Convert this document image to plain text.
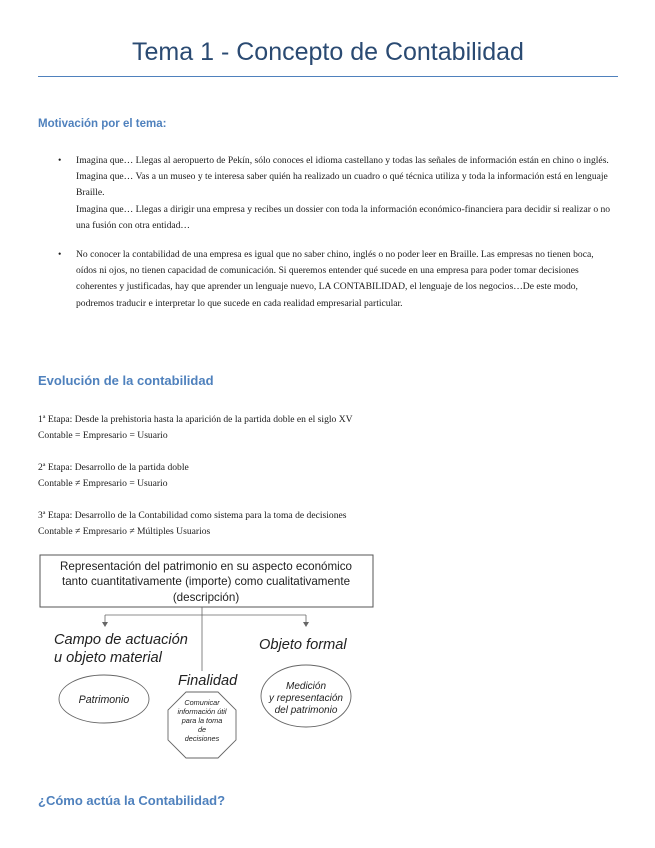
Tema 1 - Concepto de Contabilidad
Motivación por el tema:
• Imagina que… Llegas al aeropuerto de Pekín, sólo conoces el idioma castellano y todas las señales de información están en chino o inglés.

Imagina que… Vas a un museo y te interesa saber quién ha realizado un cuadro o qué técnica utiliza y toda la información está en lenguaje Braille.

Imagina que… Llegas a dirigir una empresa y recibes un dossier con toda la información económico-financiera para decidir si realizar o no una fusión con otra entidad…

• No conocer la contabilidad de una empresa es igual que no saber chino, inglés o no poder leer en Braille. Las empresas no tienen boca, oídos ni ojos, no tienen capacidad de comunicación. Si queremos entender qué sucede en una empresa para poder tomar decisiones coherentes y justificadas, hay que aprender un lenguaje nuevo, LA CONTABILIDAD, el lenguaje de los negocios…De este modo, podremos traducir e interpretar lo que sucede en cada realidad empresarial particular.

Evolución de la contabilidad

1ª Etapa: Desde la prehistoria hasta la aparición de la partida doble en el siglo XV

Contable = Empresario = Usuario

2ª Etapa: Desarrollo de la partida doble

Contable ≠ Empresario = Usuario

3ª Etapa: Desarrollo de la Contabilidad como sistema para la toma de decisiones

Contable ≠ Empresario ≠ Múltiples Usuarios

Representación del patrimonio en su aspecto económico
tanto cuantitativamente (importe) como cualitativamente
(descripción)
Campo de actuación
u objeto material
Objeto formal
Finalidad
Patrimonio	Comunicar
información útil
para la toma
de
decisiones
Medición
y representación
del patrimonio
¿Cómo actúa la Contabilidad?
